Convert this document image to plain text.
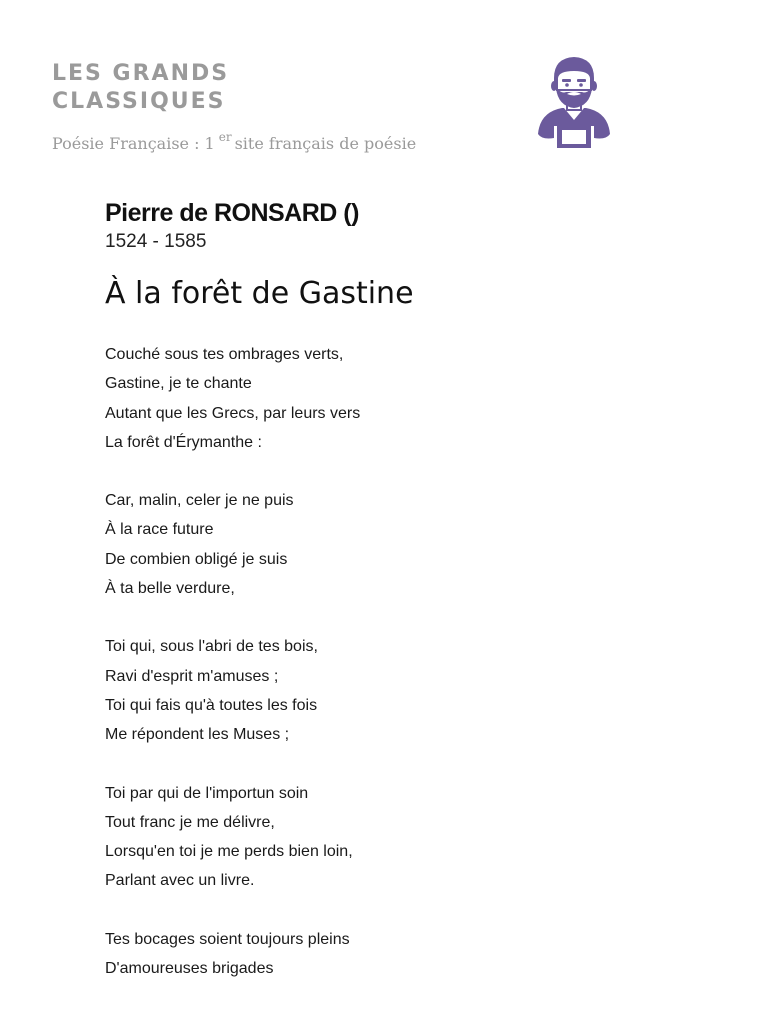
LES GRANDS
CLASSIQUES
Poésie Française : 1 $^{er}$ site français de poésie
Pierre de RONSARD ()
1524 - 1585
À la forêt de Gastine
Couché sous tes ombrages verts,
Gastine, je te chante
Autant que les Grecs, par leurs vers
La forêt d'Érymanthe :
Car, malin, celer je ne puis
À la race future
De combien obligé je suis
À ta belle verdure,
Toi qui, sous l'abri de tes bois,
Ravi d'esprit m'amuses ;
Toi qui fais qu'à toutes les fois
Me répondent les Muses ;
Toi par qui de l'importun soin
Tout franc je me délivre,
Lorsqu'en toi je me perds bien loin,
Parlant avec un livre.
Tes bocages soient toujours pleins
D'amoureuses brigades
